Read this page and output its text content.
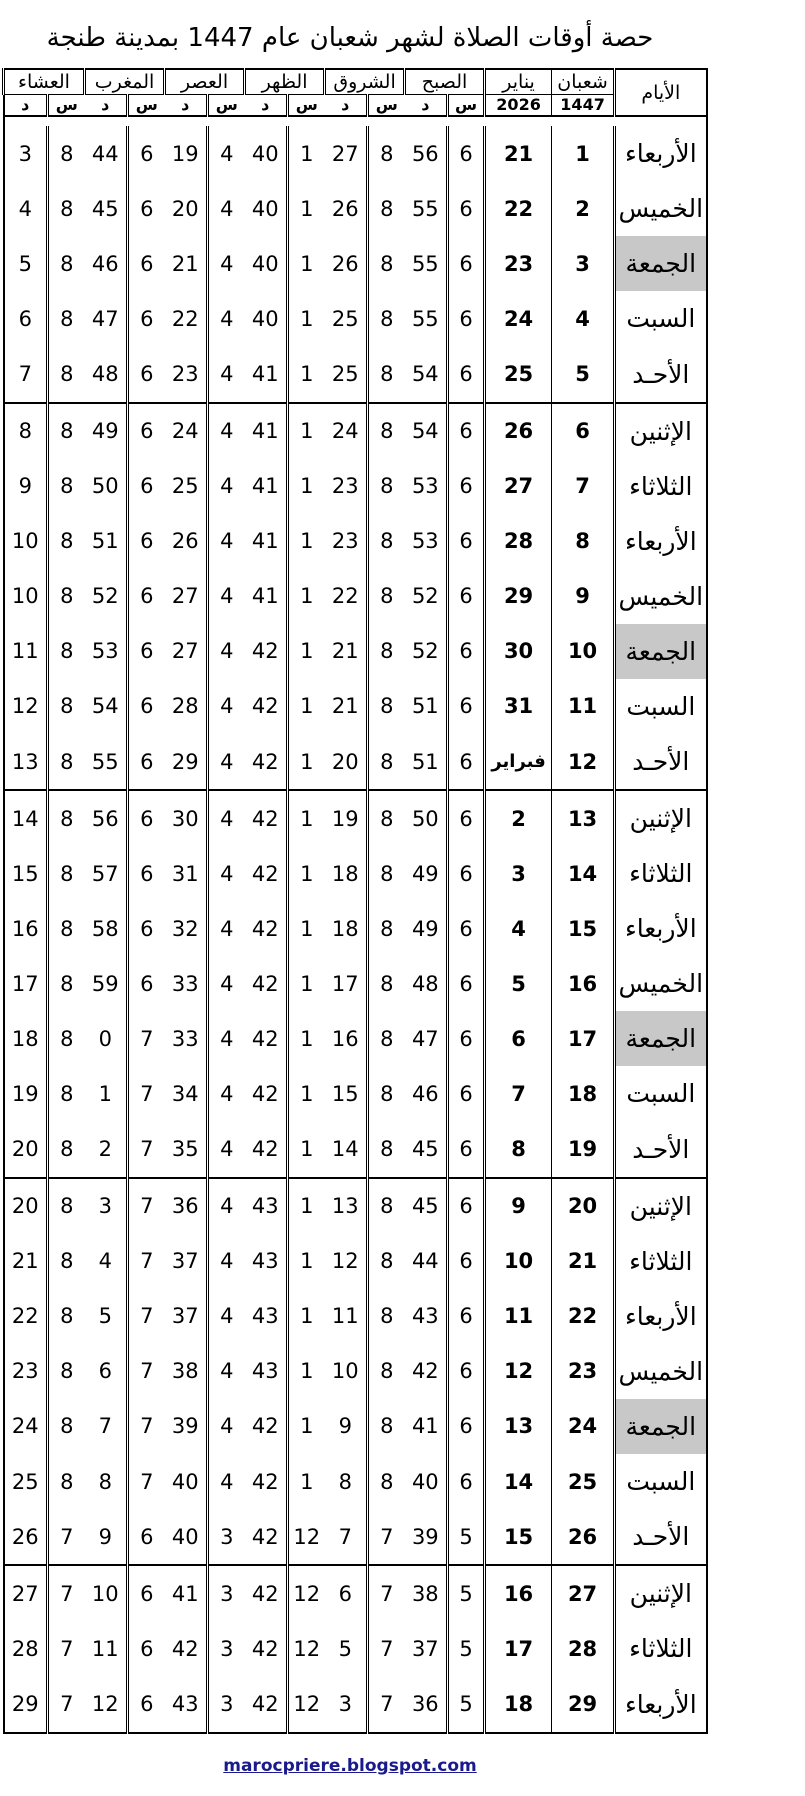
حصة أوقات الصلاة لشهر شعبان عام 1447 بمدينة طنجة
الأيام	شعبان	يناير	الصبح		الشروق		الظهر		العصر		المغرب		العشاء	
	1447	2026	س	د	س	د	س	د	س	د	س	د	س	د

الأربعاء	1	21	6	56	8	27	1	40	4	19	6	44	8	3
الخميس	2	22	6	55	8	26	1	40	4	20	6	45	8	4
الجمعة	3	23	6	55	8	26	1	40	4	21	6	46	8	5
السبت	4	24	6	55	8	25	1	40	4	22	6	47	8	6
الأحـد	5	25	6	54	8	25	1	41	4	23	6	48	8	7
الإثنين	6	26	6	54	8	24	1	41	4	24	6	49	8	8
الثلاثاء	7	27	6	53	8	23	1	41	4	25	6	50	8	9
الأربعاء	8	28	6	53	8	23	1	41	4	26	6	51	8	10
الخميس	9	29	6	52	8	22	1	41	4	27	6	52	8	10
الجمعة	10	30	6	52	8	21	1	42	4	27	6	53	8	11
السبت	11	31	6	51	8	21	1	42	4	28	6	54	8	12
الأحـد	12	فبراير	6	51	8	20	1	42	4	29	6	55	8	13
الإثنين	13	2	6	50	8	19	1	42	4	30	6	56	8	14
الثلاثاء	14	3	6	49	8	18	1	42	4	31	6	57	8	15
الأربعاء	15	4	6	49	8	18	1	42	4	32	6	58	8	16
الخميس	16	5	6	48	8	17	1	42	4	33	6	59	8	17
الجمعة	17	6	6	47	8	16	1	42	4	33	7	0	8	18
السبت	18	7	6	46	8	15	1	42	4	34	7	1	8	19
الأحـد	19	8	6	45	8	14	1	42	4	35	7	2	8	20
الإثنين	20	9	6	45	8	13	1	43	4	36	7	3	8	20
الثلاثاء	21	10	6	44	8	12	1	43	4	37	7	4	8	21
الأربعاء	22	11	6	43	8	11	1	43	4	37	7	5	8	22
الخميس	23	12	6	42	8	10	1	43	4	38	7	6	8	23
الجمعة	24	13	6	41	8	9	1	42	4	39	7	7	8	24
السبت	25	14	6	40	8	8	1	42	4	40	7	8	8	25
الأحـد	26	15	5	39	7	7	12	42	3	40	6	9	7	26
الإثنين	27	16	5	38	7	6	12	42	3	41	6	10	7	27
الثلاثاء	28	17	5	37	7	5	12	42	3	42	6	11	7	28
الأربعاء	29	18	5	36	7	3	12	42	3	43	6	12	7	29
marocpriere.blogspot.com
